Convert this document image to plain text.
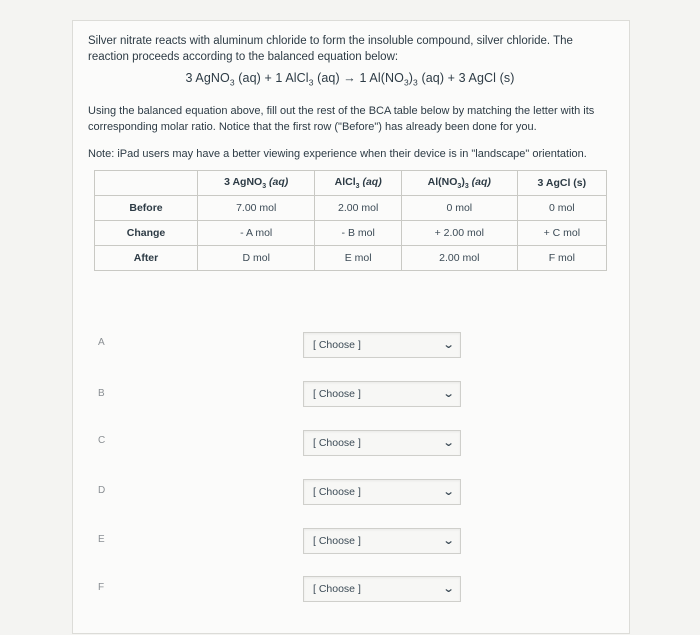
Silver nitrate reacts with aluminum chloride to form the insoluble compound, silver chloride. The reaction proceeds according to the balanced equation below:
3 AgNO$_3$ (aq) + 1 AlCl$_3$ (aq) → 1 $Al(NO_3)_3$ (aq) + 3 AgCl (s)
Using the balanced equation above, fill out the rest of the BCA table below by matching the letter with its corresponding molar ratio. Notice that the first row ("Before") has already been done for you.
Note: iPad users may have a better viewing experience when their device is in "landscape" orientation.
	3 AgNO$_3$ (aq)	AlCl$_3$ (aq)	$Al(NO_3)_3$ (aq)	3 AgCl (s)
Before	7.00 mol	2.00 mol	0 mol	0 mol
Change	- A mol	- B mol	+ 2.00 mol	+ C mol
After	D mol	E mol	2.00 mol	F mol
A	[ Choose ]	⌄
B	[ Choose ]	⌄
C	[ Choose ]	⌄
D	[ Choose ]	⌄
E	[ Choose ]	⌄
F	[ Choose ]	⌄
